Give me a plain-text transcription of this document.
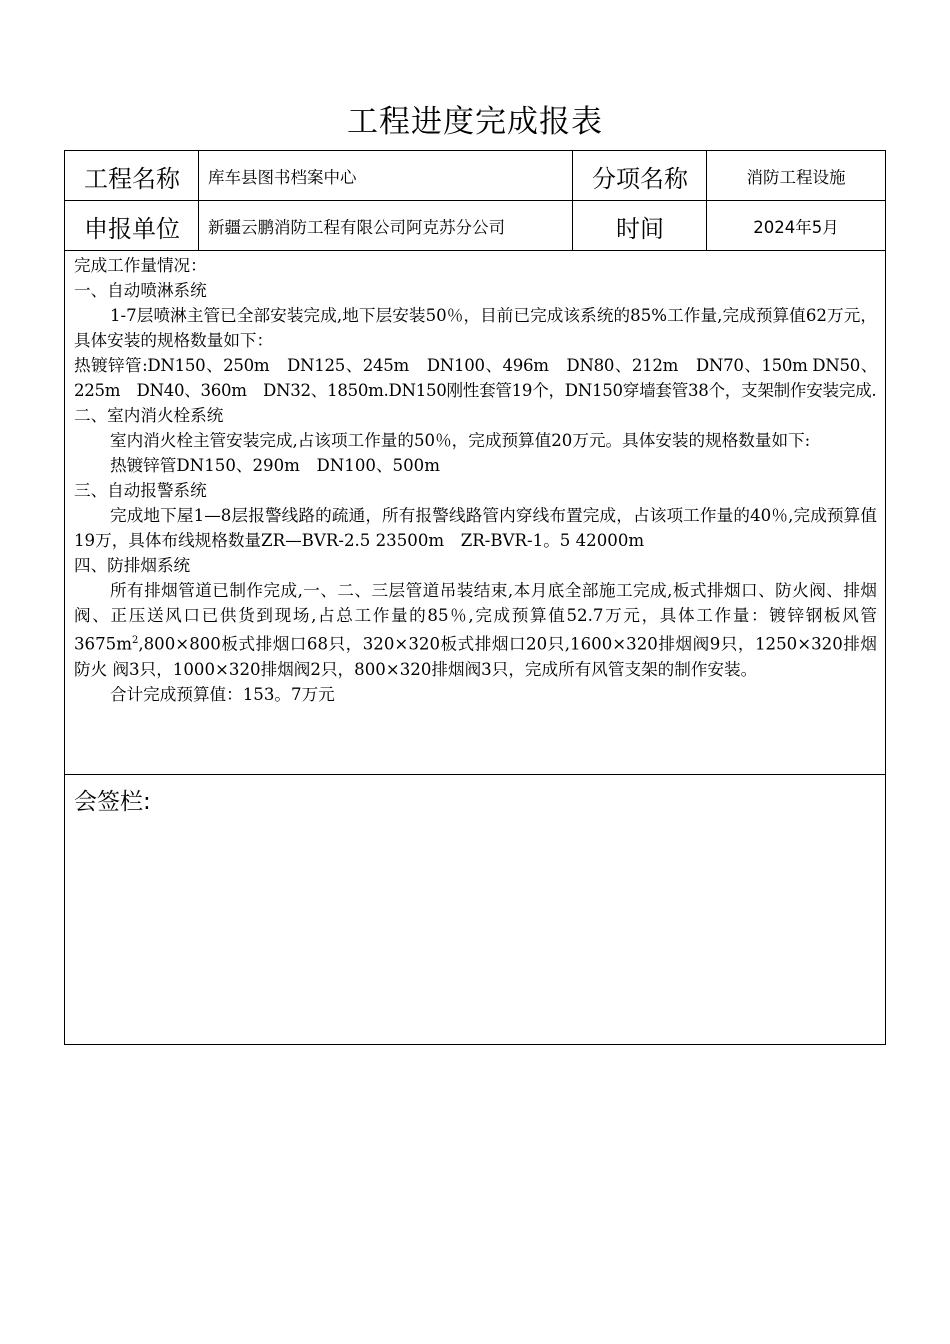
工程进度完成报表
工程名称	库车县图书档案中心	分项名称	消防工程设施
申报单位	新疆云鹏消防工程有限公司阿克苏分公司	时间	2024年5月

完成工作量情况：

一、自动喷淋系统

1-7层喷淋主管已全部安装完成,地下层安装50％，目前已完成该系统的85%工作量,完成预算值62万元，具体安装的规格数量如下：

热镀锌管:DN150、250m　DN125、245m　DN100、496m　DN80、212m　DN70、150m DN50、225m　DN40、360m　DN32、1850m.DN150刚性套管19个，DN150穿墙套管38个，支架制作安装完成.

二、室内消火栓系统

室内消火栓主管安装完成,占该项工作量的50％，完成预算值20万元。具体安装的规格数量如下:

热镀锌管DN150、290m　DN100、500m

三、自动报警系统

完成地下屋1—8层报警线路的疏通，所有报警线路管内穿线布置完成，占该项工作量的40％,完成预算值19万，具体布线规格数量ZR—BVR-2.5 23500m　ZR-BVR-1。5 42000m

四、防排烟系统

所有排烟管道已制作完成,一、二、三层管道吊装结束,本月底全部施工完成,板式排烟口、防火阀、排烟阀、正压送风口已供货到现场,占总工作量的85％,完成预算值52.7万元，具体工作量：镀锌钢板风管$3675m^2,800\times 800$板式排烟口68只，320×320板式排烟口20只,1600×320排烟阀9只，1250×320排烟防火 阀3只，1000×320排烟阀2只，800×320排烟阀3只，完成所有风管支架的制作安装。

合计完成预算值：153。7万元

会签栏:
